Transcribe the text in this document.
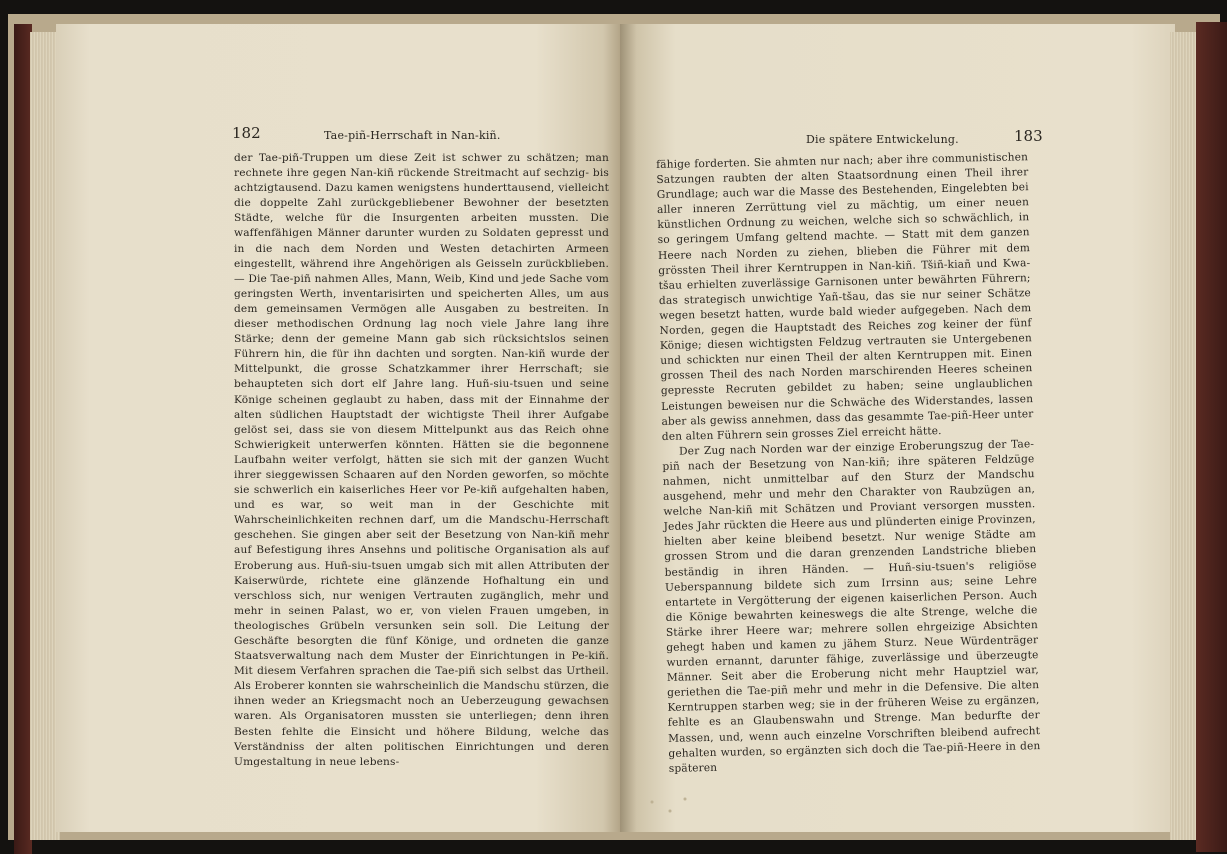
182	Tae-piñ-Herrschaft in Nan-kiñ.

der Tae-piñ-Truppen um diese Zeit ist schwer zu schätzen; man rechnete ihre gegen Nan-kiñ rückende Streitmacht auf sechzig- bis achtzigtausend. Dazu kamen wenigstens hunderttausend, vielleicht die doppelte Zahl zurückgebliebener Bewohner der besetzten Städte, welche für die Insurgenten arbeiten mussten. Die waffenfähigen Männer darunter wurden zu Soldaten gepresst und in die nach dem Norden und Westen detachirten Armeen eingestellt, während ihre Angehörigen als Geisseln zurückblieben. — Die Tae-piñ nahmen Alles, Mann, Weib, Kind und jede Sache vom geringsten Werth, inventarisirten und speicherten Alles, um aus dem gemeinsamen Vermögen alle Ausgaben zu bestreiten. In dieser methodischen Ordnung lag noch viele Jahre lang ihre Stärke; denn der gemeine Mann gab sich rücksichtslos seinen Führern hin, die für ihn dachten und sorgten. Nan-kiñ wurde der Mittelpunkt, die grosse Schatzkammer ihrer Herrschaft; sie behaupteten sich dort elf Jahre lang. Huñ-siu-tsuen und seine Könige scheinen geglaubt zu haben, dass mit der Einnahme der alten südlichen Hauptstadt der wichtigste Theil ihrer Aufgabe gelöst sei, dass sie von diesem Mittelpunkt aus das Reich ohne Schwierigkeit unterwerfen könnten. Hätten sie die begonnene Laufbahn weiter verfolgt, hätten sie sich mit der ganzen Wucht ihrer sieggewissen Schaaren auf den Norden geworfen, so möchte sie schwerlich ein kaiserliches Heer vor Pe-kiñ aufgehalten haben, und es war, so weit man in der Geschichte mit Wahrscheinlichkeiten rechnen darf, um die Mandschu-Herrschaft geschehen. Sie gingen aber seit der Besetzung von Nan-kiñ mehr auf Befestigung ihres Ansehns und politische Organisation als auf Eroberung aus. Huñ-siu-tsuen umgab sich mit allen Attributen der Kaiserwürde, richtete eine glänzende Hofhaltung ein und verschloss sich, nur wenigen Vertrauten zugänglich, mehr und mehr in seinen Palast, wo er, von vielen Frauen umgeben, in theologisches Grübeln versunken sein soll. Die Leitung der Geschäfte besorgten die fünf Könige, und ordneten die ganze Staatsverwaltung nach dem Muster der Einrichtungen in Pe-kiñ. Mit diesem Verfahren sprachen die Tae-piñ sich selbst das Urtheil. Als Eroberer konnten sie wahrscheinlich die Mandschu stürzen, die ihnen weder an Kriegsmacht noch an Ueberzeugung gewachsen waren. Als Organisatoren mussten sie unterliegen; denn ihren Besten fehlte die Einsicht und höhere Bildung, welche das Verständniss der alten politischen Einrichtungen und deren Umgestaltung in neue lebens-

Die spätere Entwickelung.	183

fähige forderten. Sie ahmten nur nach; aber ihre communistischen Satzungen raubten der alten Staatsordnung einen Theil ihrer Grundlage; auch war die Masse des Bestehenden, Eingelebten bei aller inneren Zerrüttung viel zu mächtig, um einer neuen künstlichen Ordnung zu weichen, welche sich so schwächlich, in so geringem Umfang geltend machte. — Statt mit dem ganzen Heere nach Norden zu ziehen, blieben die Führer mit dem grössten Theil ihrer Kerntruppen in Nan-kiñ. Tšiñ-kiañ und Kwa-tšau erhielten zuverlässige Garnisonen unter bewährten Führern; das strategisch unwichtige Yañ-tšau, das sie nur seiner Schätze wegen besetzt hatten, wurde bald wieder aufgegeben. Nach dem Norden, gegen die Hauptstadt des Reiches zog keiner der fünf Könige; diesen wichtigsten Feldzug vertrauten sie Untergebenen und schickten nur einen Theil der alten Kerntruppen mit. Einen grossen Theil des nach Norden marschirenden Heeres scheinen gepresste Recruten gebildet zu haben; seine unglaublichen Leistungen beweisen nur die Schwäche des Widerstandes, lassen aber als gewiss annehmen, dass das gesammte Tae-piñ-Heer unter den alten Führern sein grosses Ziel erreicht hätte.

Der Zug nach Norden war der einzige Eroberungszug der Tae-piñ nach der Besetzung von Nan-kiñ; ihre späteren Feldzüge nahmen, nicht unmittelbar auf den Sturz der Mandschu ausgehend, mehr und mehr den Charakter von Raubzügen an, welche Nan-kiñ mit Schätzen und Proviant versorgen mussten. Jedes Jahr rückten die Heere aus und plünderten einige Provinzen, hielten aber keine bleibend besetzt. Nur wenige Städte am grossen Strom und die daran grenzenden Landstriche blieben beständig in ihren Händen. — Huñ-siu-tsuen's religiöse Ueberspannung bildete sich zum Irrsinn aus; seine Lehre entartete in Vergötterung der eigenen kaiserlichen Person. Auch die Könige bewahrten keineswegs die alte Strenge, welche die Stärke ihrer Heere war; mehrere sollen ehrgeizige Absichten gehegt haben und kamen zu jähem Sturz. Neue Würdenträger wurden ernannt, darunter fähige, zuverlässige und überzeugte Männer. Seit aber die Eroberung nicht mehr Hauptziel war, geriethen die Tae-piñ mehr und mehr in die Defensive. Die alten Kerntruppen starben weg; sie in der früheren Weise zu ergänzen, fehlte es an Glaubenswahn und Strenge. Man bedurfte der Massen, und, wenn auch einzelne Vorschriften bleibend aufrecht gehalten wurden, so ergänzten sich doch die Tae-piñ-Heere in den späteren
